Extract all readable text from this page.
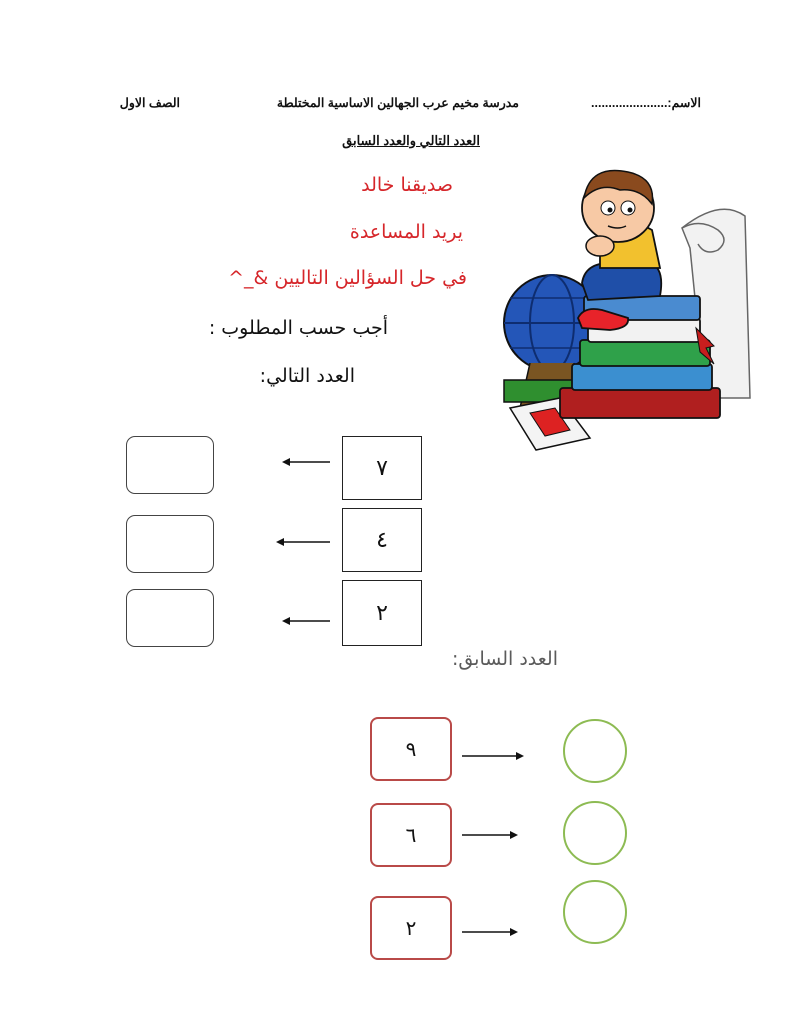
الاسم:......................
مدرسة مخيم عرب الجهالين الاساسية المختلطة
الصف الاول
العدد التالي والعدد السابق
صديقنا خالد
يريد المساعدة
في حل السؤالين التاليين &_^
أجب حسب المطلوب :
العدد التالي:
٧
٤
٢
العدد السابق:
٩
٦
٢
